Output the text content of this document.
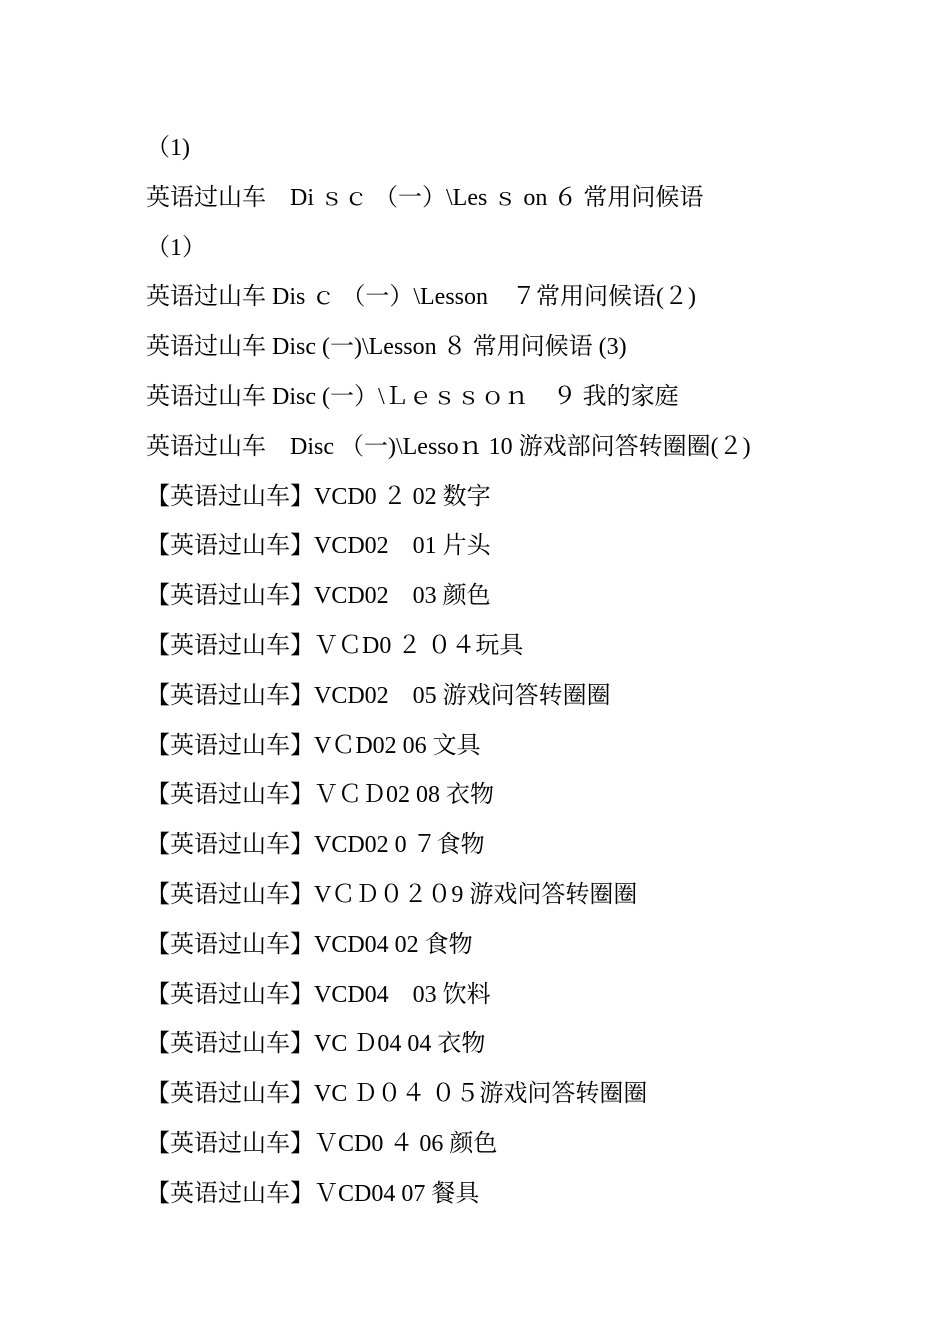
（1)
英语过山车　Di ｓｃ （一）\Les ｓ on ６ 常用问候语
（1）
英语过山车 Dis ｃ （一）\Lesson　７常用问候语(２)
英语过山车 Disc (一)\Lesson ８ 常用问候语 (3)
英语过山车 Disc (一）\Ｌｅｓｓｏｎ　９ 我的家庭
英语过山车　Disc （一)\Lessoｎ 10 游戏部问答转圈圈(２)
【英语过山车】VCD0 ２ 02 数字
【英语过山车】VCD02　01 片头
【英语过山车】VCD02　03 颜色
【英语过山车】ＶＣD0 ２ ０４玩具
【英语过山车】VCD02　05 游戏问答转圈圈
【英语过山车】VＣD02 06 文具
【英语过山车】ＶＣＤ02 08 衣物
【英语过山车】VCD02 0 ７食物
【英语过山车】VＣＤ０２０9 游戏问答转圈圈
【英语过山车】VCD04 02 食物
【英语过山车】VCD04　03 饮料
【英语过山车】VC Ｄ04 04 衣物
【英语过山车】VC Ｄ０４ ０５游戏问答转圈圈
【英语过山车】ＶCD0 ４ 06 颜色
【英语过山车】ＶCD04 07 餐具
